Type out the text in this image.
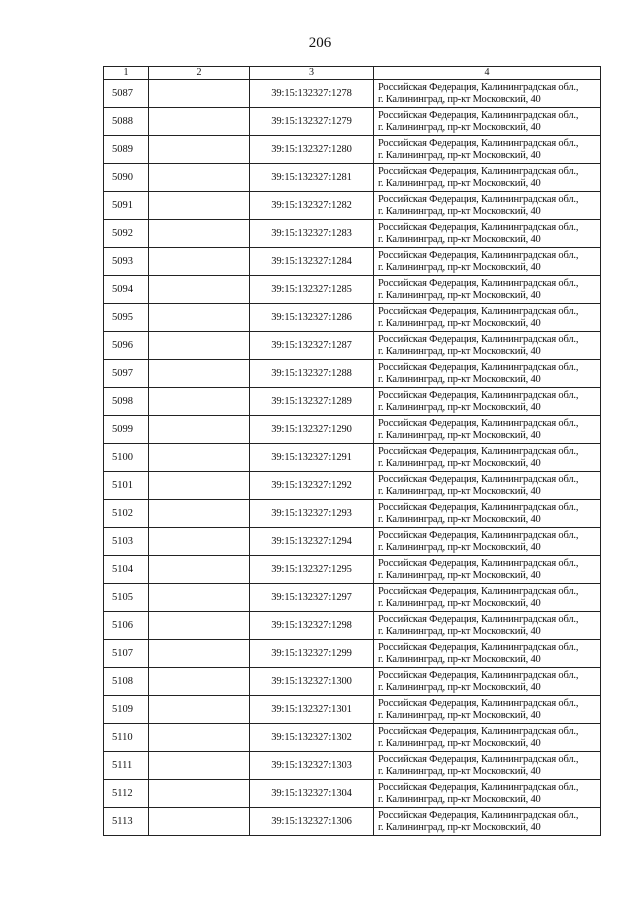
206
1	2	3	4
5087		39:15:132327:1278	Российская Федерация, Калининградская обл.,
г. Калининград, пр-кт Московский, 40

5088		39:15:132327:1279	Российская Федерация, Калининградская обл.,
г. Калининград, пр-кт Московский, 40

5089		39:15:132327:1280	Российская Федерация, Калининградская обл.,
г. Калининград, пр-кт Московский, 40

5090		39:15:132327:1281	Российская Федерация, Калининградская обл.,
г. Калининград, пр-кт Московский, 40

5091		39:15:132327:1282	Российская Федерация, Калининградская обл.,
г. Калининград, пр-кт Московский, 40

5092		39:15:132327:1283	Российская Федерация, Калининградская обл.,
г. Калининград, пр-кт Московский, 40

5093		39:15:132327:1284	Российская Федерация, Калининградская обл.,
г. Калининград, пр-кт Московский, 40

5094		39:15:132327:1285	Российская Федерация, Калининградская обл.,
г. Калининград, пр-кт Московский, 40

5095		39:15:132327:1286	Российская Федерация, Калининградская обл.,
г. Калининград, пр-кт Московский, 40

5096		39:15:132327:1287	Российская Федерация, Калининградская обл.,
г. Калининград, пр-кт Московский, 40

5097		39:15:132327:1288	Российская Федерация, Калининградская обл.,
г. Калининград, пр-кт Московский, 40

5098		39:15:132327:1289	Российская Федерация, Калининградская обл.,
г. Калининград, пр-кт Московский, 40

5099		39:15:132327:1290	Российская Федерация, Калининградская обл.,
г. Калининград, пр-кт Московский, 40

5100		39:15:132327:1291	Российская Федерация, Калининградская обл.,
г. Калининград, пр-кт Московский, 40

5101		39:15:132327:1292	Российская Федерация, Калининградская обл.,
г. Калининград, пр-кт Московский, 40

5102		39:15:132327:1293	Российская Федерация, Калининградская обл.,
г. Калининград, пр-кт Московский, 40

5103		39:15:132327:1294	Российская Федерация, Калининградская обл.,
г. Калининград, пр-кт Московский, 40

5104		39:15:132327:1295	Российская Федерация, Калининградская обл.,
г. Калининград, пр-кт Московский, 40

5105		39:15:132327:1297	Российская Федерация, Калининградская обл.,
г. Калининград, пр-кт Московский, 40

5106		39:15:132327:1298	Российская Федерация, Калининградская обл.,
г. Калининград, пр-кт Московский, 40

5107		39:15:132327:1299	Российская Федерация, Калининградская обл.,
г. Калининград, пр-кт Московский, 40

5108		39:15:132327:1300	Российская Федерация, Калининградская обл.,
г. Калининград, пр-кт Московский, 40

5109		39:15:132327:1301	Российская Федерация, Калининградская обл.,
г. Калининград, пр-кт Московский, 40

5110		39:15:132327:1302	Российская Федерация, Калининградская обл.,
г. Калининград, пр-кт Московский, 40

5111		39:15:132327:1303	Российская Федерация, Калининградская обл.,
г. Калининград, пр-кт Московский, 40

5112		39:15:132327:1304	Российская Федерация, Калининградская обл.,
г. Калининград, пр-кт Московский, 40

5113		39:15:132327:1306	Российская Федерация, Калининградская обл.,
г. Калининград, пр-кт Московский, 40
